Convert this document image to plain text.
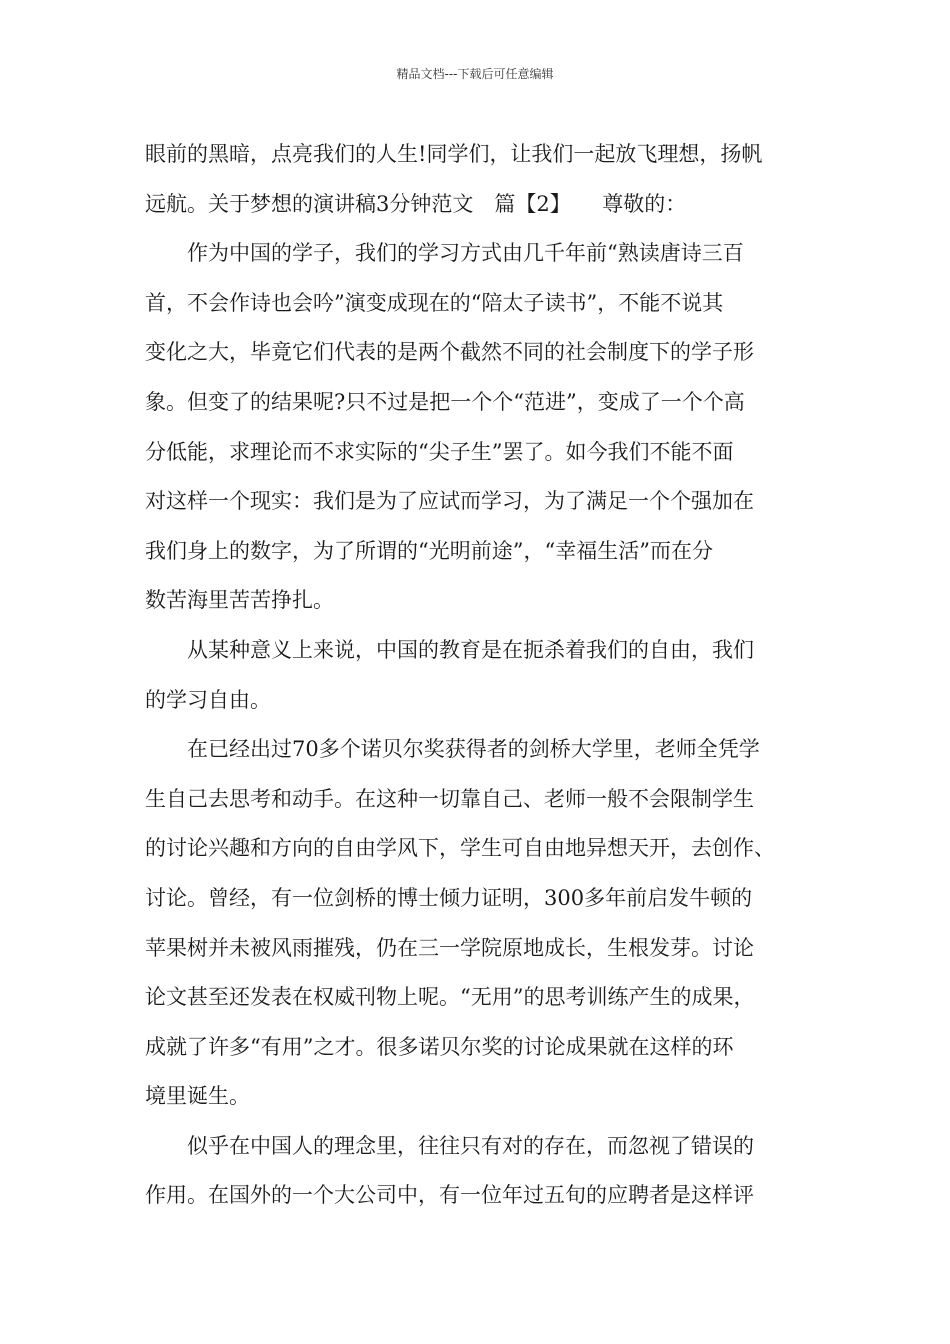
精品文档---下载后可任意编辑
眼前的黑暗，点亮我们的人生!同学们，让我们一起放飞理想，扬帆
远航。关于梦想的演讲稿3分钟范文　篇【2】　　尊敬的：
　　作为中国的学子，我们的学习方式由几千年前“熟读唐诗三百
首，不会作诗也会吟”演变成现在的“陪太子读书”，不能不说其
变化之大，毕竟它们代表的是两个截然不同的社会制度下的学子形
象。但变了的结果呢?只不过是把一个个“范进”，变成了一个个高
分低能，求理论而不求实际的“尖子生”罢了。如今我们不能不面
对这样一个现实：我们是为了应试而学习，为了满足一个个强加在
我们身上的数字，为了所谓的“光明前途”，“幸福生活”而在分
数苦海里苦苦挣扎。
　　从某种意义上来说，中国的教育是在扼杀着我们的自由，我们
的学习自由。
　　在已经出过70多个诺贝尔奖获得者的剑桥大学里，老师全凭学
生自己去思考和动手。在这种一切靠自己、老师一般不会限制学生
的讨论兴趣和方向的自由学风下，学生可自由地异想天开，去创作、
讨论。曾经，有一位剑桥的博士倾力证明，300多年前启发牛顿的
苹果树并未被风雨摧残，仍在三一学院原地成长，生根发芽。讨论
论文甚至还发表在权威刊物上呢。“无用”的思考训练产生的成果，
成就了许多“有用”之才。很多诺贝尔奖的讨论成果就在这样的环
境里诞生。
　　似乎在中国人的理念里，往往只有对的存在，而忽视了错误的
作用。在国外的一个大公司中，有一位年过五旬的应聘者是这样评
